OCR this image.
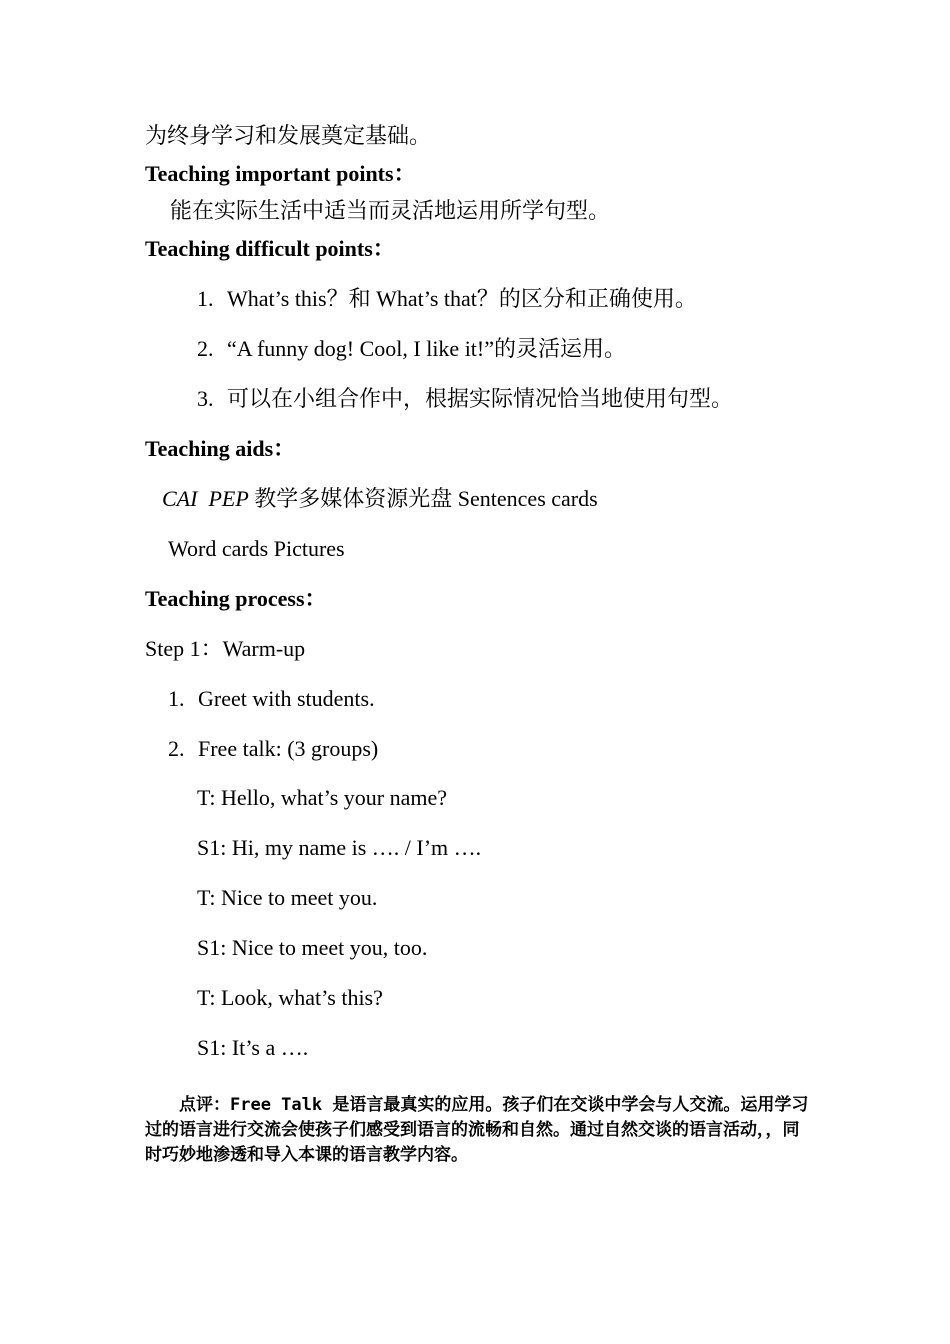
为终身学习和发展奠定基础。
Teaching important points：
能在实际生活中适当而灵活地运用所学句型。
Teaching difficult points：
1. What’s this？和 What’s that？的区分和正确使用。
2. “A funny dog! Cool, I like it!”的灵活运用。
3. 可以在小组合作中，根据实际情况恰当地使用句型。
Teaching aids：
CAI PEP 教学多媒体资源光盘 Sentences cards
Word cards Pictures
Teaching process：
Step 1：Warm-up
1. Greet with students.
2. Free talk: (3 groups)
T: Hello, what’s your name?
S1: Hi, my name is …. / I’m ….
T: Nice to meet you.
S1: Nice to meet you, too.
T: Look, what’s this?
S1: It’s a ….
点评：Free Talk 是语言最真实的应用。孩子们在交谈中学会与人交流。运用学习过的语言进行交流会使孩子们感受到语言的流畅和自然。通过自然交谈的语言活动，，同时巧妙地渗透和导入本课的语言教学内容。
